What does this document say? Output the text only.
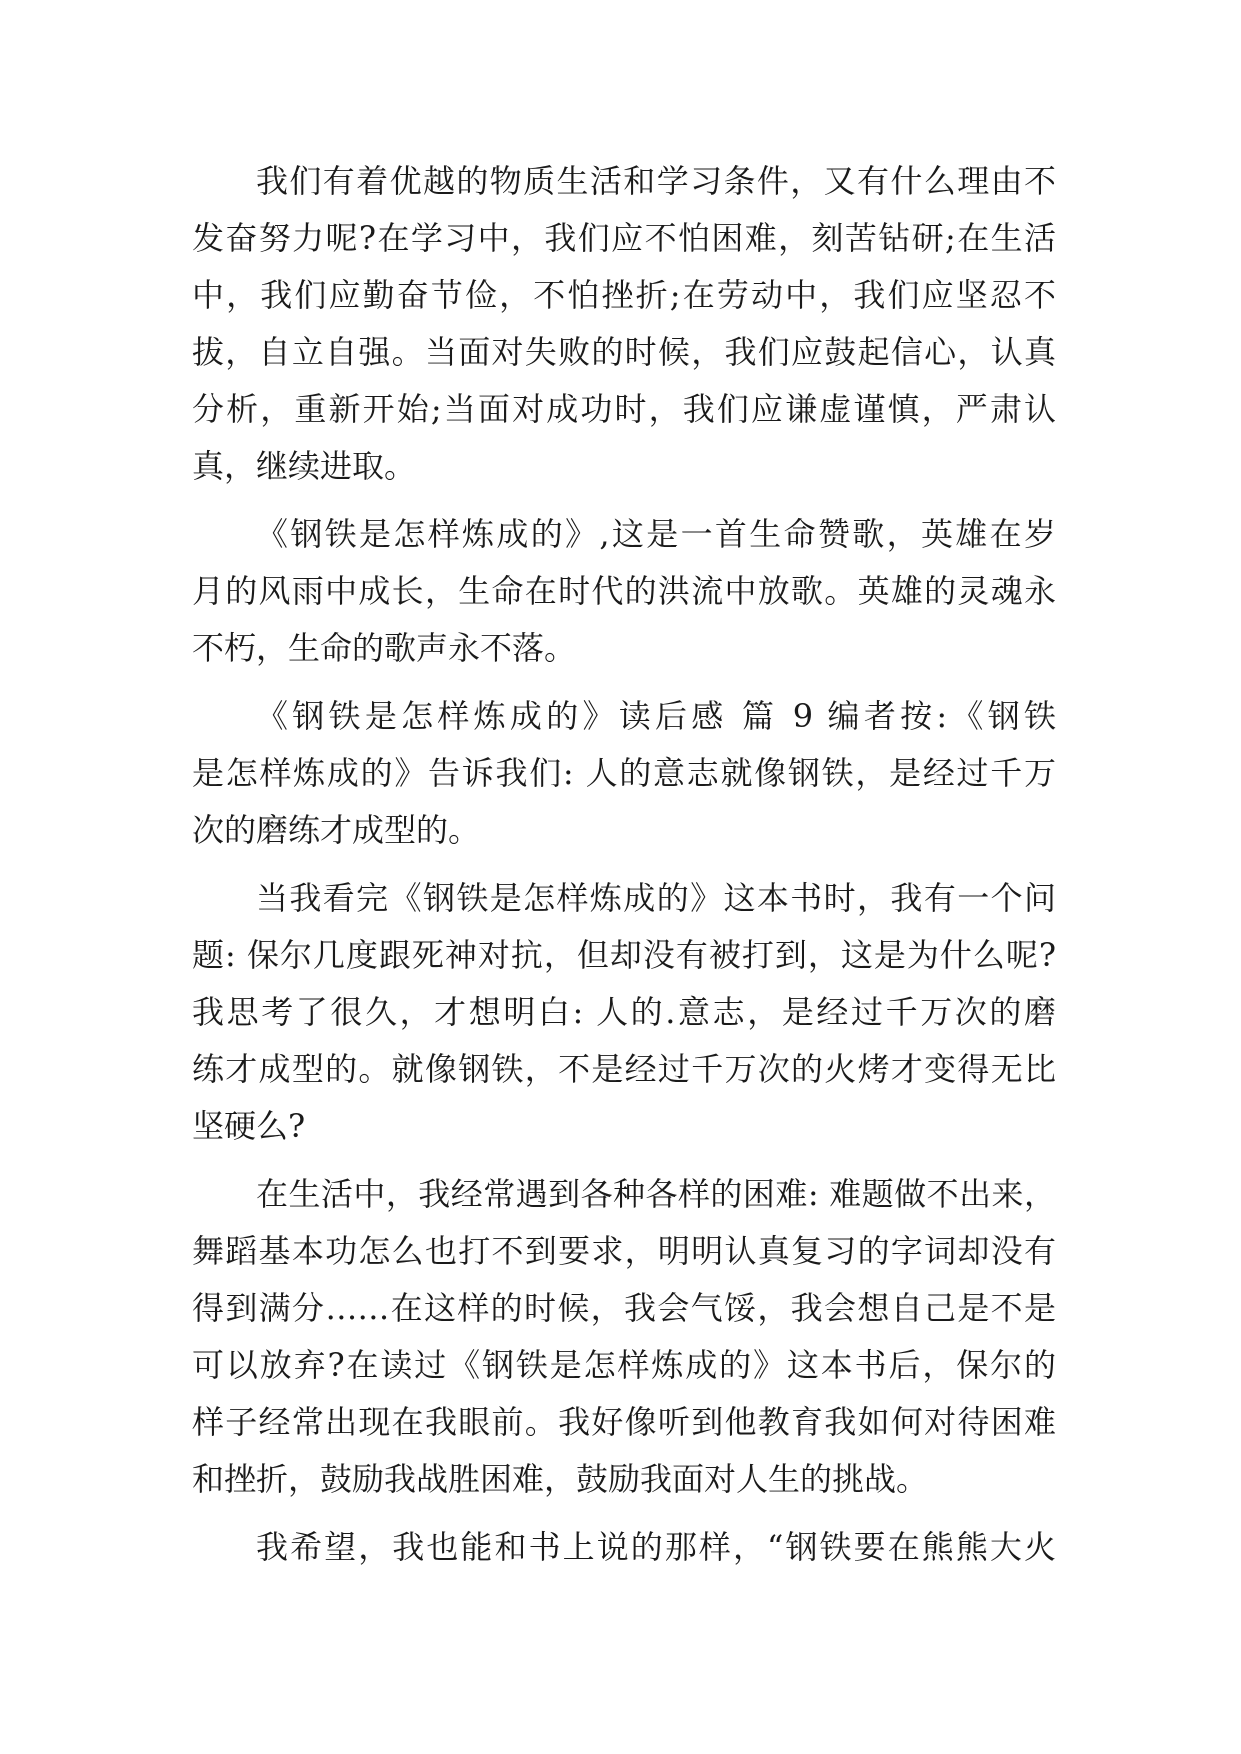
我们有着优越的物质生活和学习条件，又有什么理由不
发奋努力呢?在学习中，我们应不怕困难，刻苦钻研;在生活
中，我们应勤奋节俭，不怕挫折;在劳动中，我们应坚忍不
拔，自立自强。当面对失败的时候，我们应鼓起信心，认真
分析，重新开始;当面对成功时，我们应谦虚谨慎，严肃认
真，继续进取。
《钢铁是怎样炼成的》,这是一首生命赞歌，英雄在岁
月的风雨中成长，生命在时代的洪流中放歌。英雄的灵魂永
不朽，生命的歌声永不落。
《钢铁是怎样炼成的》读后感 篇 9 编者按:《钢铁
是怎样炼成的》告诉我们: 人的意志就像钢铁，是经过千万
次的磨练才成型的。
当我看完《钢铁是怎样炼成的》这本书时，我有一个问
题: 保尔几度跟死神对抗，但却没有被打到，这是为什么呢?
我思考了很久，才想明白: 人的.意志，是经过千万次的磨
练才成型的。就像钢铁，不是经过千万次的火烤才变得无比
坚硬么?
在生活中，我经常遇到各种各样的困难: 难题做不出来，
舞蹈基本功怎么也打不到要求，明明认真复习的字词却没有
得到满分……在这样的时候，我会气馁，我会想自己是不是
可以放弃?在读过《钢铁是怎样炼成的》这本书后，保尔的
样子经常出现在我眼前。我好像听到他教育我如何对待困难
和挫折，鼓励我战胜困难，鼓励我面对人生的挑战。
我希望，我也能和书上说的那样，“钢铁要在熊熊大火
